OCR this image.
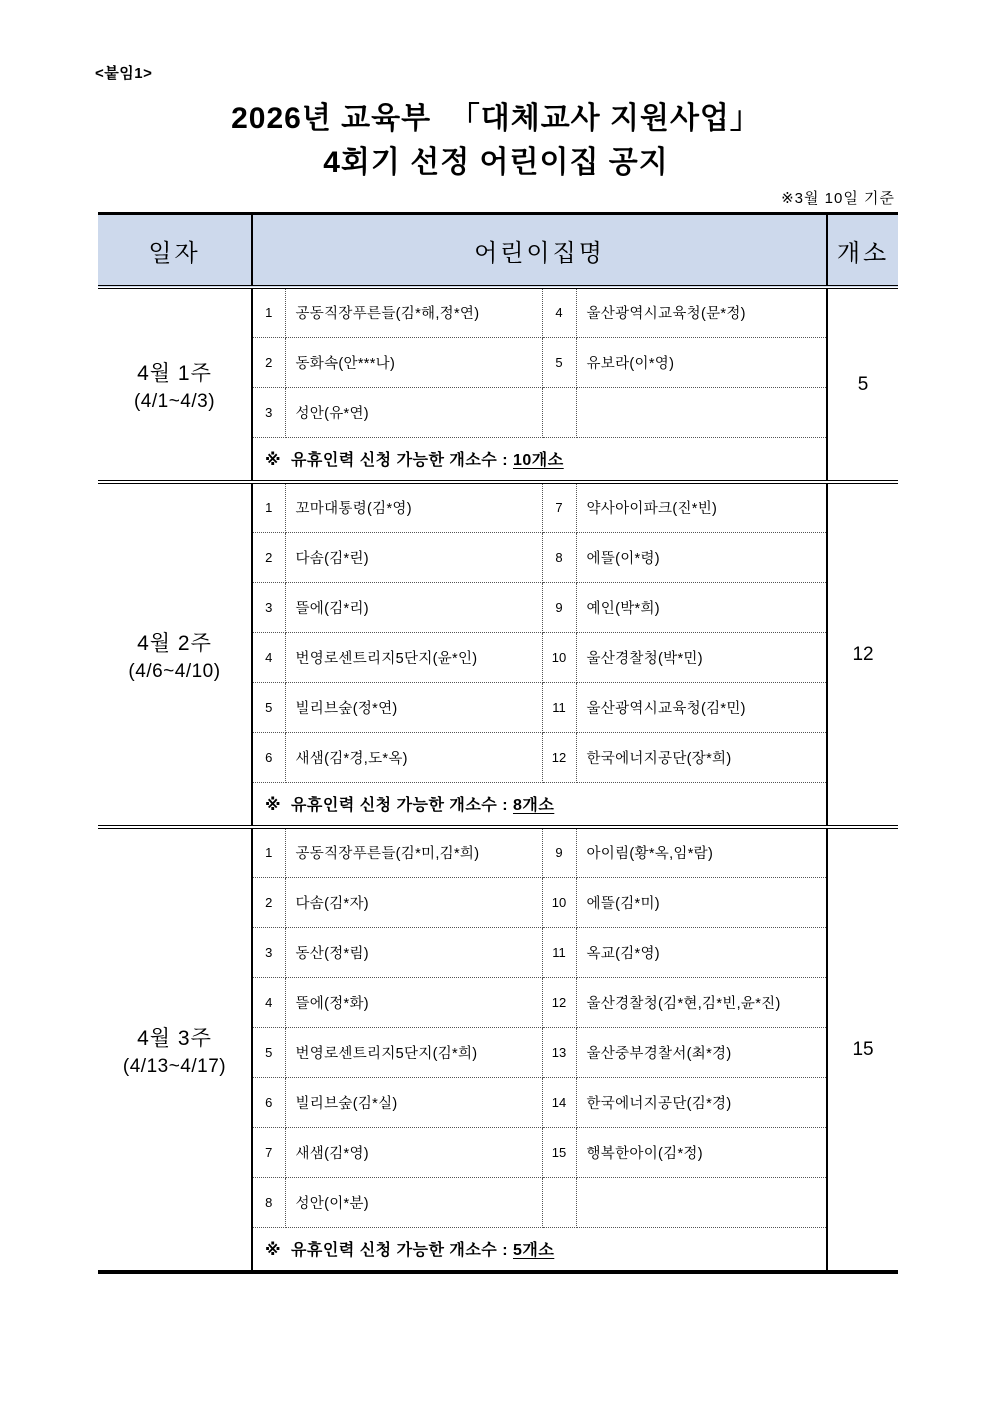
<붙임1>
2026년 교육부  「대체교사 지원사업」
4회기 선정 어린이집 공지
※3월 10일 기준
일자	어린이집명				개소

4월 1주
(4/1~4/3)	1	공동직장푸른들(김*해,정*연)	4	울산광역시교육청(문*정)	5
	2	동화속(안***나)	5	유보라(이*영)	
	3	성안(유*연)			
	※  유휴인력 신청 가능한 개소수 : 10개소				

4월 2주
(4/6~4/10)	1	꼬마대통령(김*영)	7	약사아이파크(진*빈)	12
	2	다솜(김*린)	8	에뜰(이*령)	
	3	뜰에(김*리)	9	예인(박*희)	
	4	번영로센트리지5단지(윤*인)	10	울산경찰청(박*민)	
	5	빌리브숲(정*연)	11	울산광역시교육청(김*민)	
	6	새샘(김*경,도*옥)	12	한국에너지공단(장*희)	
	※  유휴인력 신청 가능한 개소수 : 8개소				

4월 3주
(4/13~4/17)	1	공동직장푸른들(김*미,김*희)	9	아이림(황*옥,임*람)	15
	2	다솜(김*자)	10	에뜰(김*미)	
	3	동산(정*림)	11	옥교(김*영)	
	4	뜰에(정*화)	12	울산경찰청(김*현,김*빈,윤*진)	
	5	번영로센트리지5단지(김*희)	13	울산중부경찰서(최*경)	
	6	빌리브숲(김*실)	14	한국에너지공단(김*경)	
	7	새샘(김*영)	15	행복한아이(김*정)	
	8	성안(이*분)			
	※  유휴인력 신청 가능한 개소수 : 5개소				
